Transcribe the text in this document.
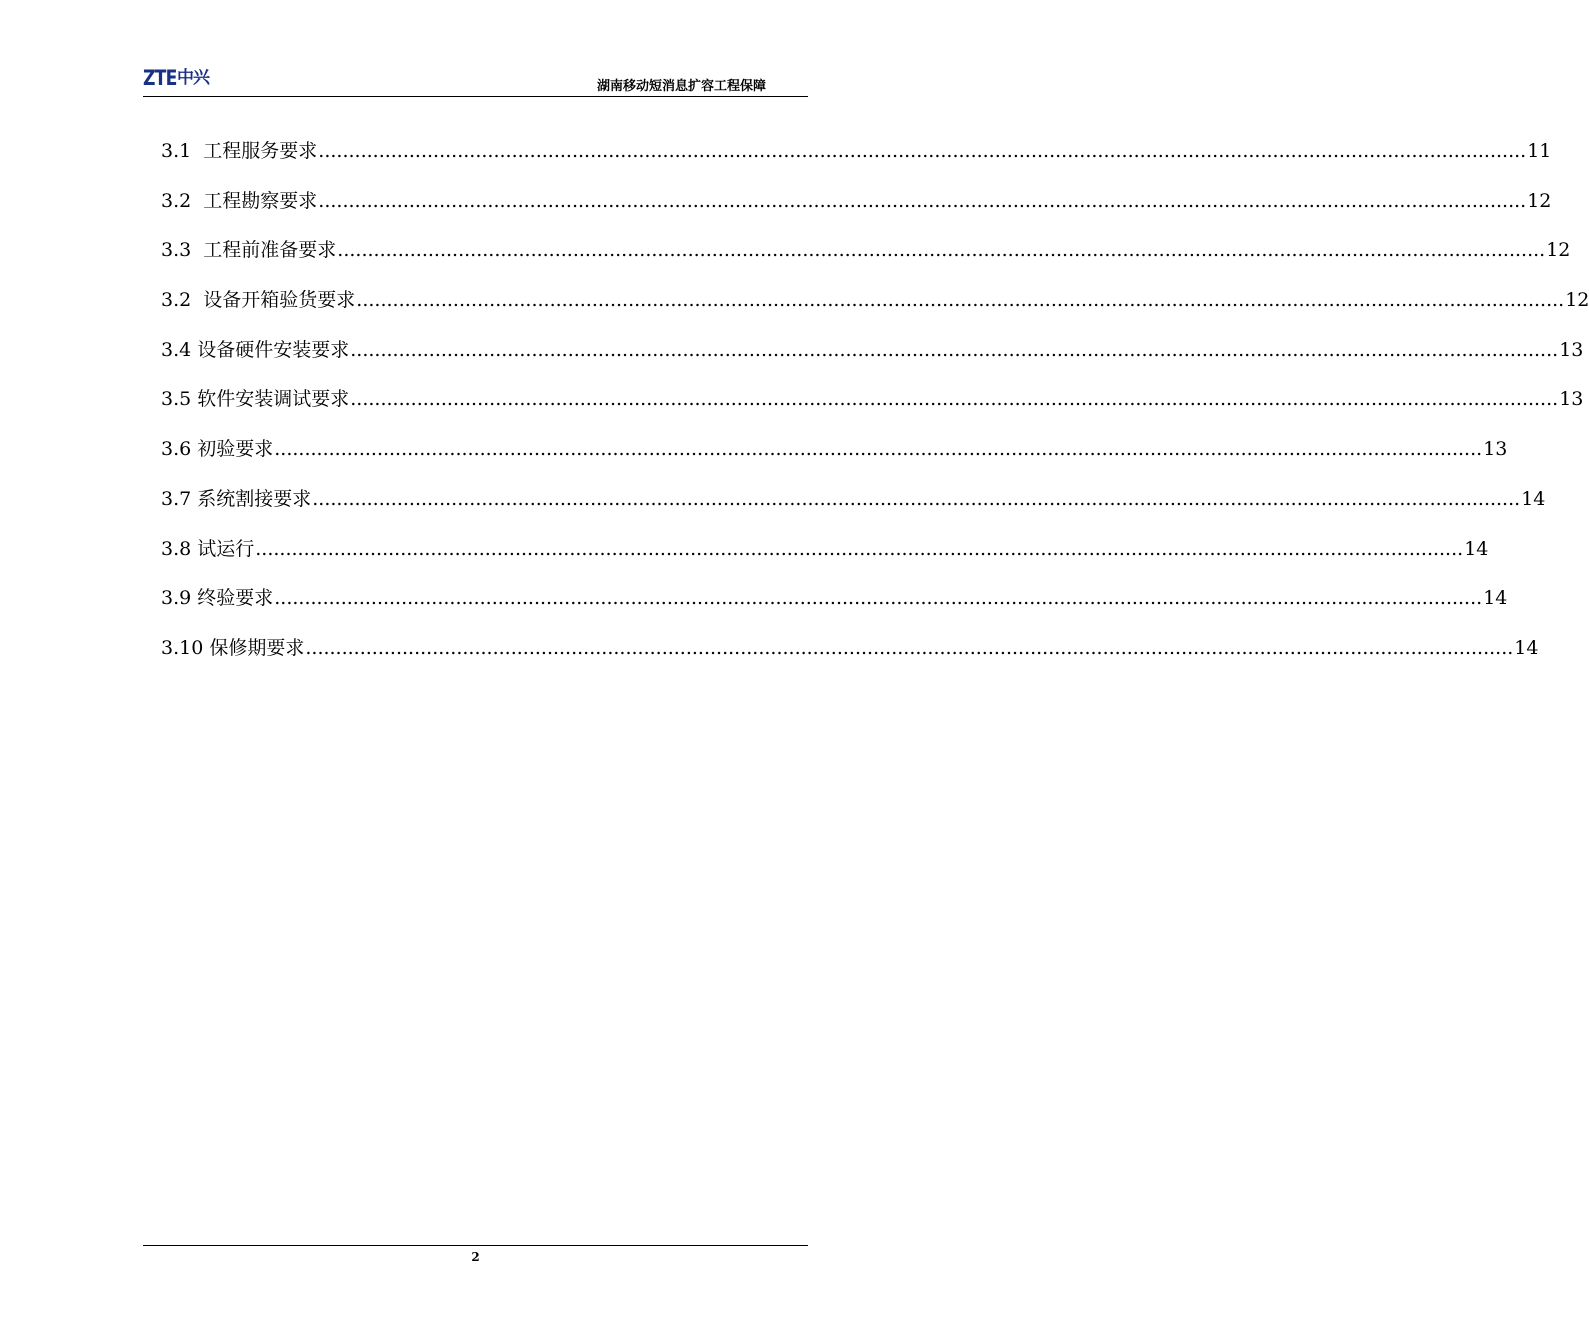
ZTE 中兴	湖南移动短消息扩容工程保障
3.1  工程服务要求 ........................................................................................................................................................................................................ 11
3.2  工程勘察要求 ........................................................................................................................................................................................................ 12
3.3  工程前准备要求 ........................................................................................................................................................................................................ 12
3.2  设备开箱验货要求 ........................................................................................................................................................................................................ 12
3.4 设备硬件安装要求 ........................................................................................................................................................................................................ 13
3.5 软件安装调试要求 ........................................................................................................................................................................................................ 13
3.6 初验要求 ........................................................................................................................................................................................................ 13
3.7 系统割接要求 ........................................................................................................................................................................................................ 14
3.8 试运行 ........................................................................................................................................................................................................ 14
3.9 终验要求 ........................................................................................................................................................................................................ 14
3.10 保修期要求 ........................................................................................................................................................................................................ 14
2
